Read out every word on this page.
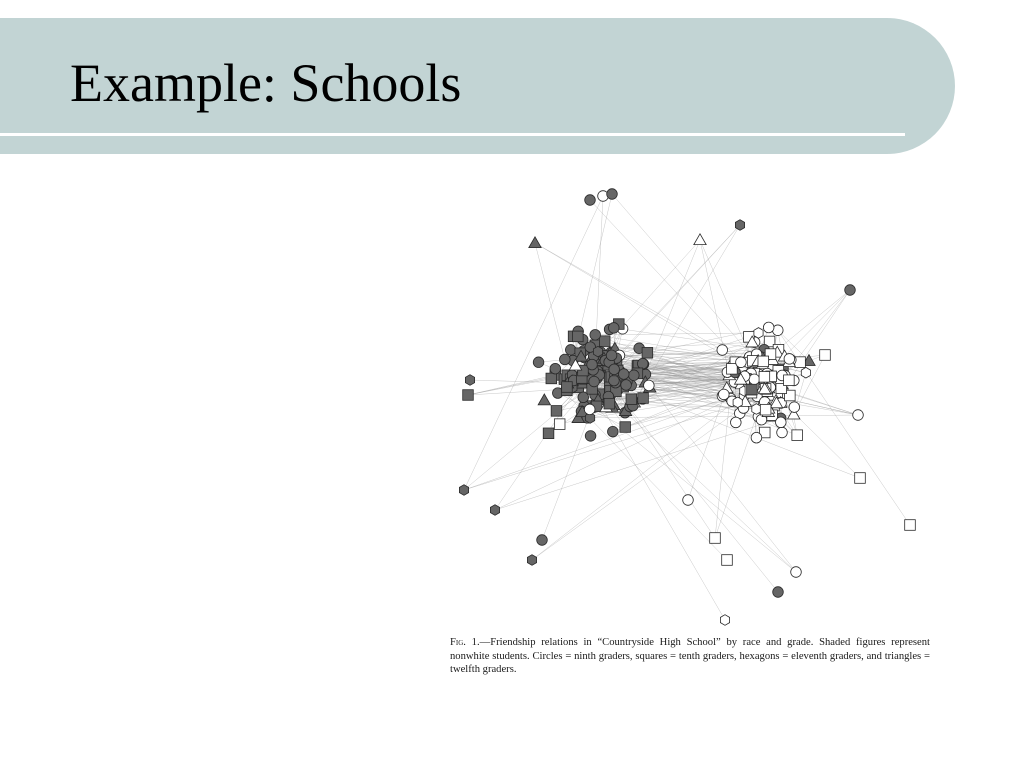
Example: Schools

Fig. 1.—Friendship relations in “Countryside High School” by race and grade. Shaded figures represent nonwhite students. Circles = ninth graders, squares = tenth graders, hexagons = eleventh graders, and triangles = twelfth graders.
